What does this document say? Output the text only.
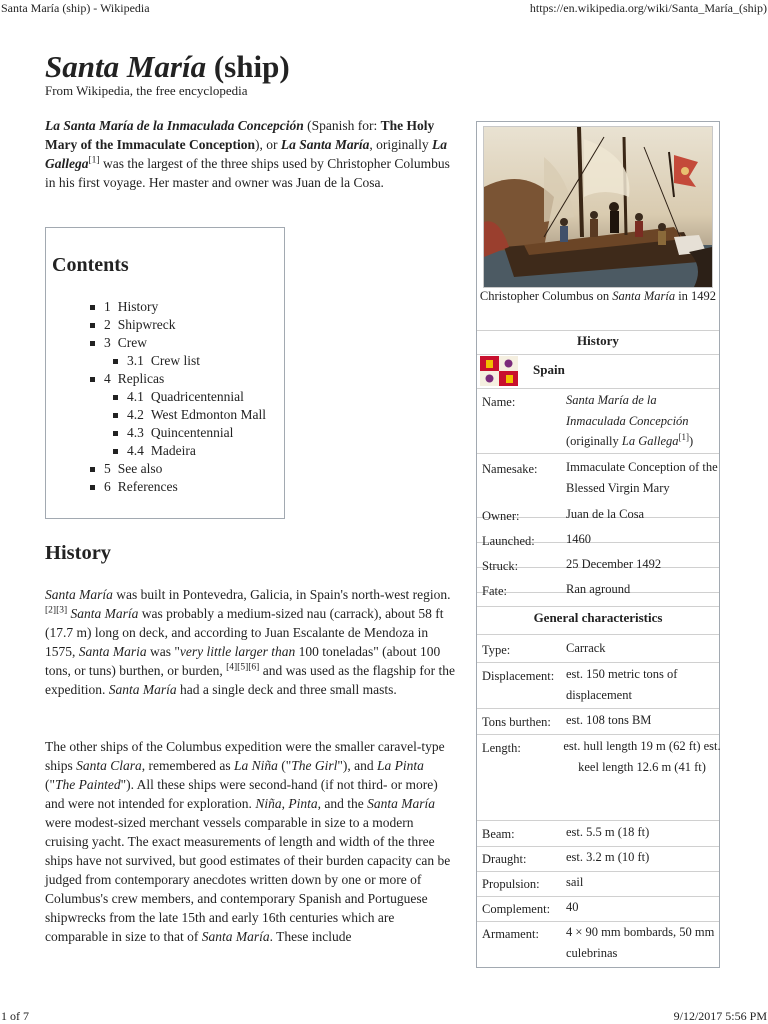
Santa María (ship) - Wikipedia	https://en.wikipedia.org/wiki/Santa_María_(ship)
1 of 7	9/12/2017 5:56 PM
Santa María (ship)
From Wikipedia, the free encyclopedia

La Santa María de la Inmaculada Concepción (Spanish for: The Holy Mary of the Immaculate Conception), or La Santa María, originally La Gallega[1] was the largest of the three ships used by Christopher Columbus in his first voyage. Her master and owner was Juan de la Cosa.

Contents
1 History
2 Shipwreck
3 Crew
3.1 Crew list
4 Replicas
4.1 Quadricentennial
4.2 West Edmonton Mall
4.3 Quincentennial
4.4 Madeira
5 See also
6 References
History

Santa María was built in Pontevedra, Galicia, in Spain's north-west region.[2][3] Santa María was probably a medium-sized nau (carrack), about 58 ft (17.7 m) long on deck, and according to Juan Escalante de Mendoza in 1575, Santa Maria was "very little larger than 100 toneladas" (about 100 tons, or tuns) burthen, or burden, [4][5][6] and was used as the flagship for the expedition. Santa María had a single deck and three small masts.

The other ships of the Columbus expedition were the smaller caravel-type ships Santa Clara, remembered as La Niña ("The Girl"), and La Pinta ("The Painted"). All these ships were second-hand (if not third- or more) and were not intended for exploration. Niña, Pinta, and the Santa María were modest-sized merchant vessels comparable in size to a modern cruising yacht. The exact measurements of length and width of the three ships have not survived, but good estimates of their burden capacity can be judged from contemporary anecdotes written down by one or more of Columbus's crew members, and contemporary Spanish and Portuguese shipwrecks from the late 15th and early 16th centuries which are comparable in size to that of Santa María. These include

Christopher Columbus on Santa María in 1492
History
Spain
Name:	Santa María de la Inmaculada Concepción
(originally La Gallega[1])
General characteristics
Namesake: Immaculate Conception of the Blessed Virgin Mary
Owner:	Juan de la Cosa
Launched: 1460
Struck:	25 December 1492
Fate:	Ran aground
Type:	Carrack
Displacement: est. 150 metric tons of displacement
Tons burthen: est. 108 tons BM
Length:	est. hull length 19 m (62 ft) est. keel length 12.6 m (41 ft)
Beam:	est. 5.5 m (18 ft)
Draught:	est. 3.2 m (10 ft)
Propulsion: sail
Complement: 40
Armament: 4 × 90 mm bombards, 50 mm culebrinas
